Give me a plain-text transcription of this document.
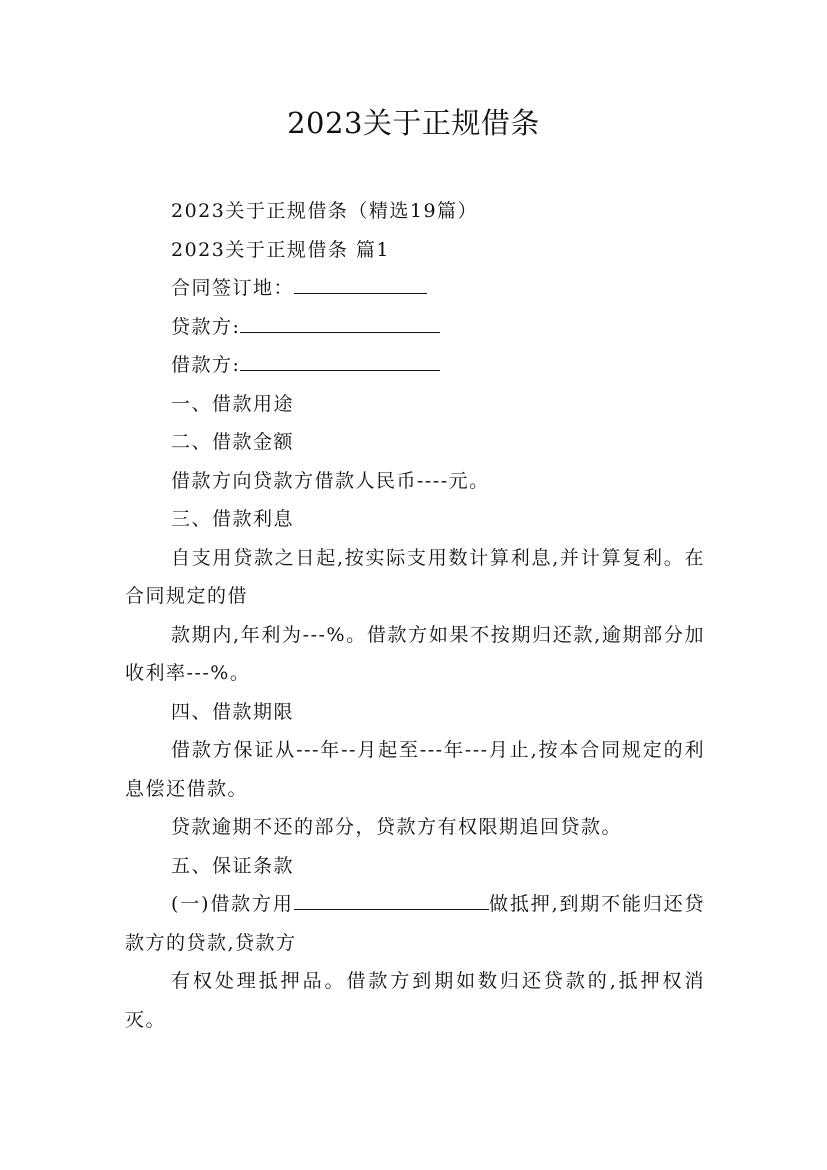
2023关于正规借条

2023关于正规借条（精选19篇）

2023关于正规借条 篇1

合同签订地：

贷款方:

借款方:

一、借款用途

二、借款金额

借款方向贷款方借款人民币----元。

三、借款利息

自支用贷款之日起,按实际支用数计算利息,并计算复利。在合同规定的借

款期内,年利为---%。借款方如果不按期归还款,逾期部分加收利率---%。

四、借款期限

借款方保证从---年--月起至---年---月止,按本合同规定的利息偿还借款。

贷款逾期不还的部分，贷款方有权限期追回贷款。

五、保证条款

(一)借款方用	做抵押,到期不能归还贷款方的贷款,贷款方

有权处理抵押品。借款方到期如数归还贷款的,抵押权消灭。
